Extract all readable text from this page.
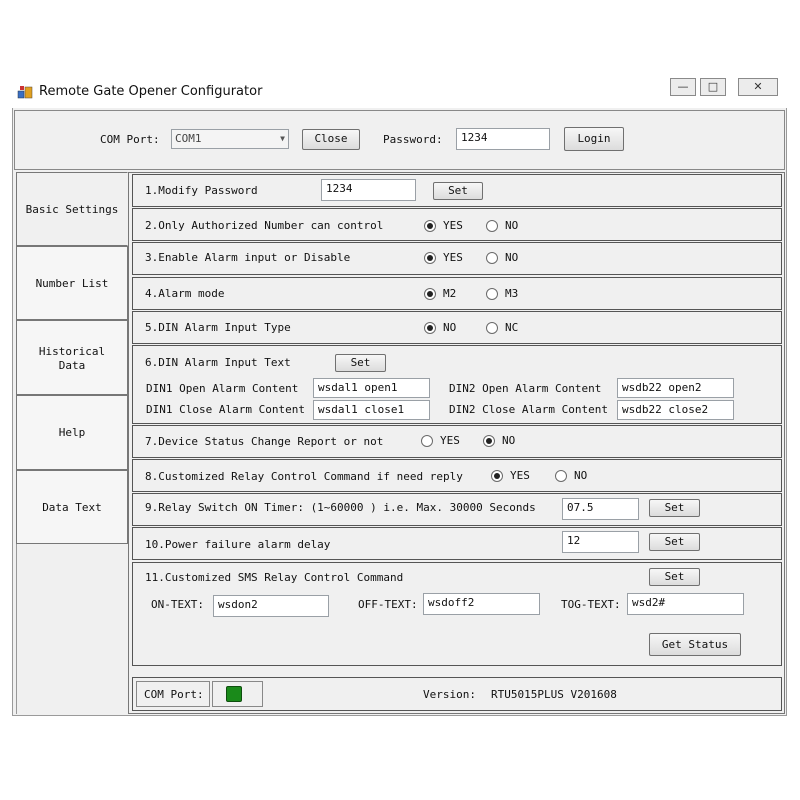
Remote Gate Opener Configurator	—	□	✕
COM Port:	COM1	▼	Close	Password:	1234	Login
Basic Settings
Number List
Historical
Data
Help
Data Text
1.Modify Password	1234	Set
2.Only Authorized Number can control	YES	NO
3.Enable Alarm input or Disable	YES	NO
4.Alarm mode	M2	M3
5.DIN Alarm Input Type	NO	NC
6.DIN Alarm Input Text	Set
DIN1 Open Alarm Content	wsdal1 open1	DIN2 Open Alarm Content	wsdb22 open2
DIN1 Close Alarm Content	wsdal1 close1	DIN2 Close Alarm Content	wsdb22 close2
7.Device Status Change Report or not	YES	NO
8.Customized Relay Control Command if need reply	YES	NO
9.Relay Switch ON Timer: (1~60000 ) i.e. Max. 30000 Seconds	07.5	Set
10.Power failure alarm delay	12	Set
11.Customized SMS Relay Control Command	Set
ON-TEXT:	wsdon2	OFF-TEXT: wsdoff2	TOG-TEXT:	wsd2#
Get Status
COM Port:	Version: RTU5015PLUS V201608
